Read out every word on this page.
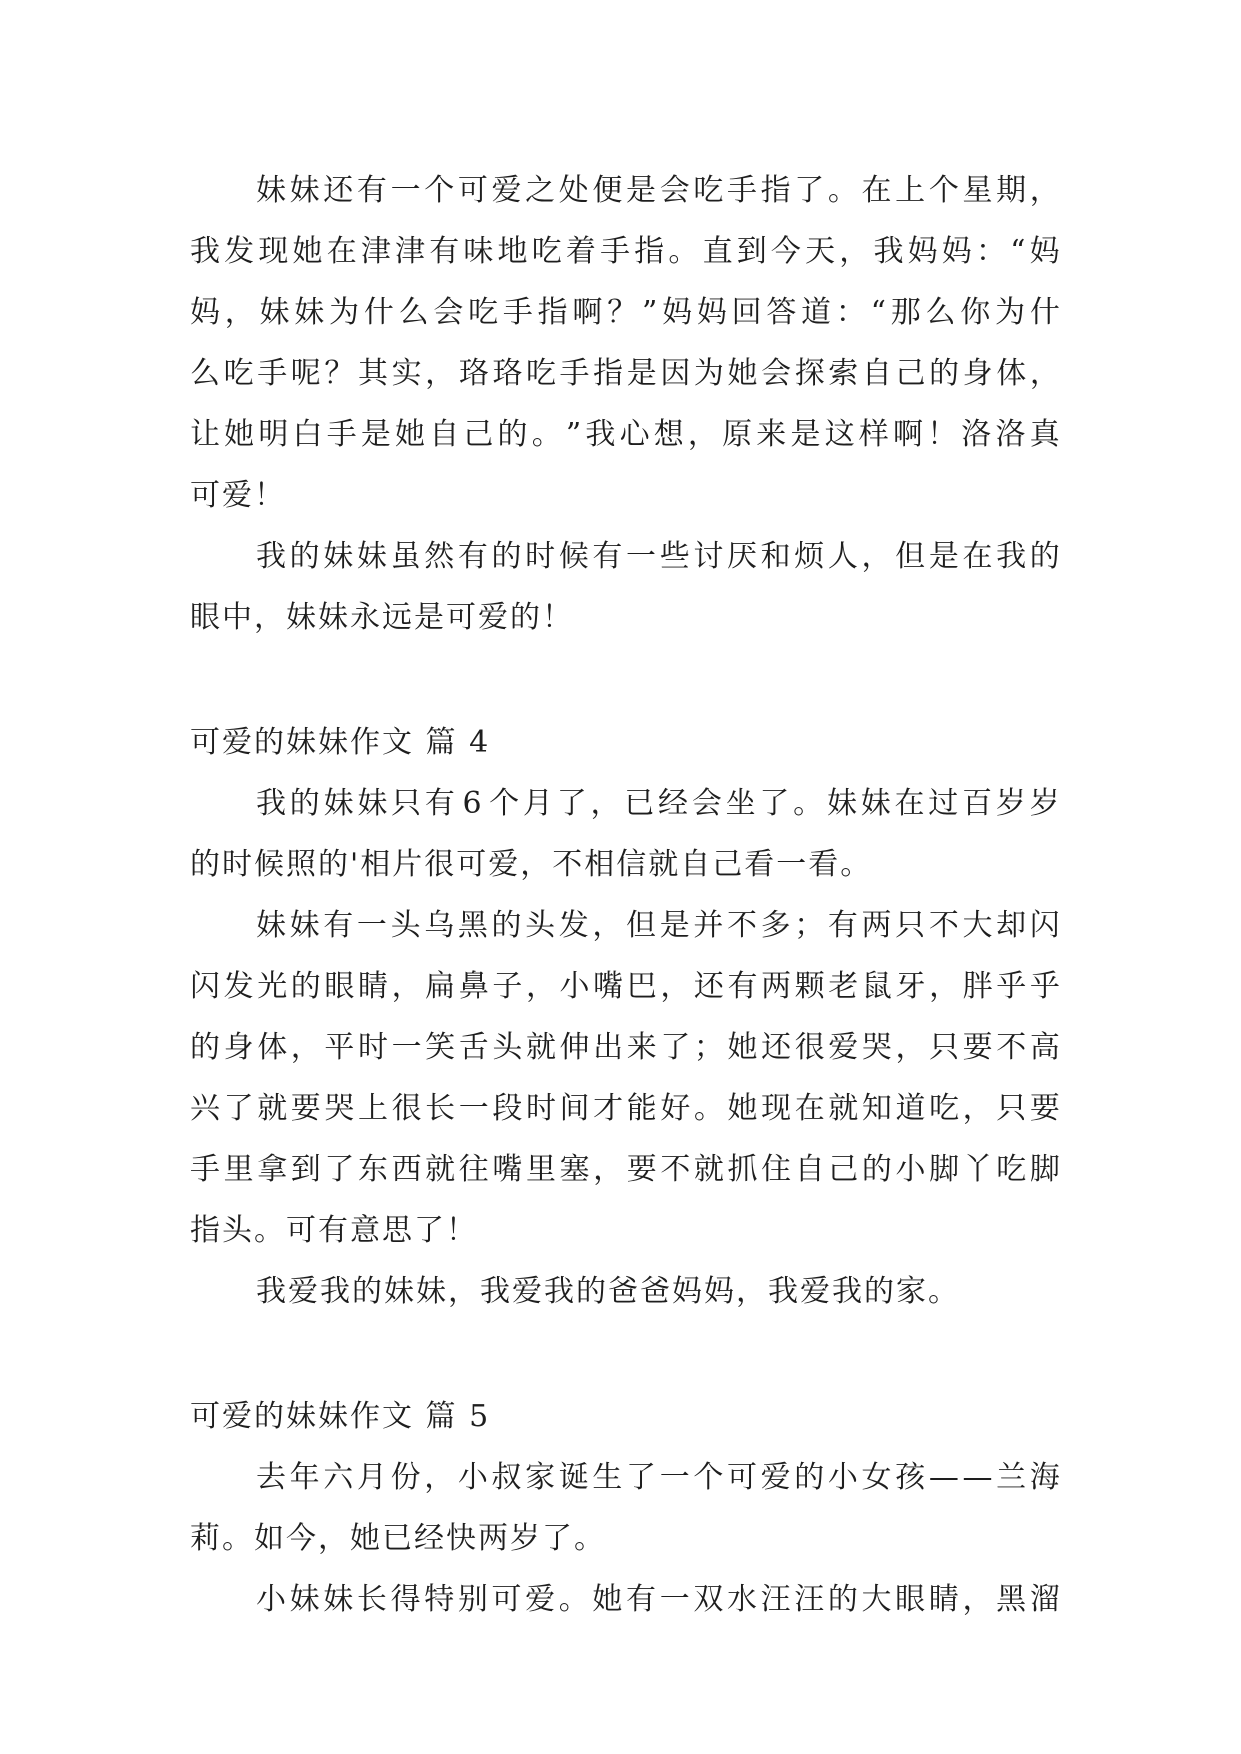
妹 妹 还 有 一 个 可 爱 之 处 便 是 会 吃 手 指 了 。 在 上 个 星 期 ，
我 发 现 她 在 津 津 有 味 地 吃 着 手 指 。 直 到 今 天 ， 我 妈 妈 ： “ 妈
妈 ， 妹 妹 为 什 么 会 吃 手 指 啊 ？ ” 妈 妈 回 答 道 ： “ 那 么 你 为 什
么 吃 手 呢 ？ 其 实 ， 珞 珞 吃 手 指 是 因 为 她 会 探 索 自 己 的 身 体 ，
让 她 明 白 手 是 她 自 己 的 。 ” 我 心 想 ， 原 来 是 这 样 啊 ！ 洛 洛 真
可爱！
我 的 妹 妹 虽 然 有 的 时 候 有 一 些 讨 厌 和 烦 人 ， 但 是 在 我 的
眼中，妹妹永远是可爱的！
可爱的妹妹作文 篇 4
我 的 妹 妹 只 有 6 个 月 了 ， 已 经 会 坐 了 。 妹 妹 在 过 百 岁 岁
的时候照的'相片很可爱，不相信就自己看一看。
妹 妹 有 一 头 乌 黑 的 头 发 ， 但 是 并 不 多 ； 有 两 只 不 大 却 闪
闪 发 光 的 眼 睛 ， 扁 鼻 子 ， 小 嘴 巴 ， 还 有 两 颗 老 鼠 牙 ， 胖 乎 乎
的 身 体 ， 平 时 一 笑 舌 头 就 伸 出 来 了 ； 她 还 很 爱 哭 ， 只 要 不 高
兴 了 就 要 哭 上 很 长 一 段 时 间 才 能 好 。 她 现 在 就 知 道 吃 ， 只 要
手 里 拿 到 了 东 西 就 往 嘴 里 塞 ， 要 不 就 抓 住 自 己 的 小 脚 丫 吃 脚
指头。可有意思了！
我爱我的妹妹，我爱我的爸爸妈妈，我爱我的家。
可爱的妹妹作文 篇 5
去 年 六 月 份 ， 小 叔 家 诞 生 了 一 个 可 爱 的 小 女 孩 — — 兰 海
莉。如今，她已经快两岁了。
小 妹 妹 长 得 特 别 可 爱 。 她 有 一 双 水 汪 汪 的 大 眼 睛 ， 黑 溜
